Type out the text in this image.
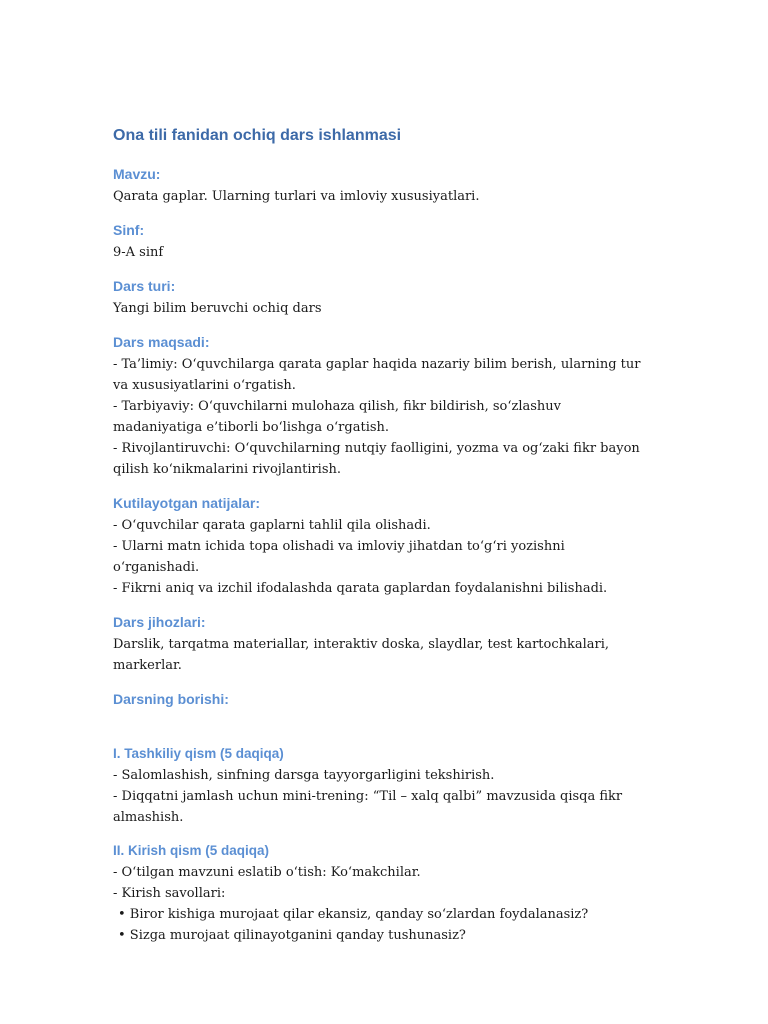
Ona tili fanidan ochiq dars ishlanmasi
Mavzu:

Qarata gaplar. Ularning turlari va imloviy xususiyatlari.

Sinf:

9-A sinf

Dars turi:

Yangi bilim beruvchi ochiq dars

Dars maqsadi:

- Ta’limiy: O‘quvchilarga qarata gaplar haqida nazariy bilim berish, ularning tur va xususiyatlarini o‘rgatish.

- Tarbiyaviy: O‘quvchilarni mulohaza qilish, fikr bildirish, so‘zlashuv madaniyatiga e’tiborli bo‘lishga o‘rgatish.

- Rivojlantiruvchi: O‘quvchilarning nutqiy faolligini, yozma va og‘zaki fikr bayon qilish ko‘nikmalarini rivojlantirish.

Kutilayotgan natijalar:

- O‘quvchilar qarata gaplarni tahlil qila olishadi.

- Ularni matn ichida topa olishadi va imloviy jihatdan to‘g‘ri yozishni o‘rganishadi.

- Fikrni aniq va izchil ifodalashda qarata gaplardan foydalanishni bilishadi.

Dars jihozlari:

Darslik, tarqatma materiallar, interaktiv doska, slaydlar, test kartochkalari, markerlar.

Darsning borishi:
I. Tashkiliy qism (5 daqiqa)

- Salomlashish, sinfning darsga tayyorgarligini tekshirish.

- Diqqatni jamlash uchun mini-trening: “Til – xalq qalbi” mavzusida qisqa fikr almashish.

II. Kirish qism (5 daqiqa)

- O‘tilgan mavzuni eslatib o‘tish: Ko‘makchilar.

- Kirish savollari:

• Biror kishiga murojaat qilar ekansiz, qanday so‘zlardan foydalanasiz?

• Sizga murojaat qilinayotganini qanday tushunasiz?
